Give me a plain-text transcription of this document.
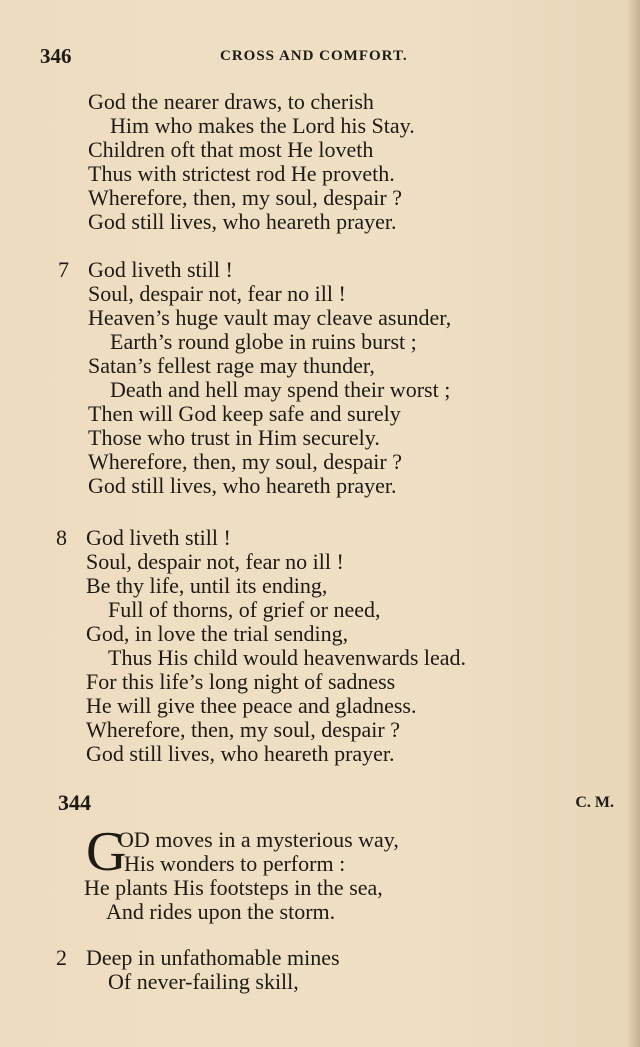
346	CROSS AND COMFORT.
God the nearer draws, to cherish
Him who makes the Lord his Stay.
Children oft that most He loveth
Thus with strictest rod He proveth.
Wherefore, then, my soul, despair ?
God still lives, who heareth prayer.
7 God liveth still !
Soul, despair not, fear no ill !
Heaven’s huge vault may cleave asunder,
Earth’s round globe in ruins burst ;
Satan’s fellest rage may thunder,
Death and hell may spend their worst ;
Then will God keep safe and surely
Those who trust in Him securely.
Wherefore, then, my soul, despair ?
God still lives, who heareth prayer.
8 God liveth still !
Soul, despair not, fear no ill !
Be thy life, until its ending,
Full of thorns, of grief or need,
God, in love the trial sending,
Thus His child would heavenwards lead.
For this life’s long night of sadness
He will give thee peace and gladness.
Wherefore, then, my soul, despair ?
God still lives, who heareth prayer.
344	C. M.
G
OD moves in a mysterious way,
His wonders to perform :
He plants His footsteps in the sea,
And rides upon the storm.
2 Deep in unfathomable mines
Of never-failing skill,
